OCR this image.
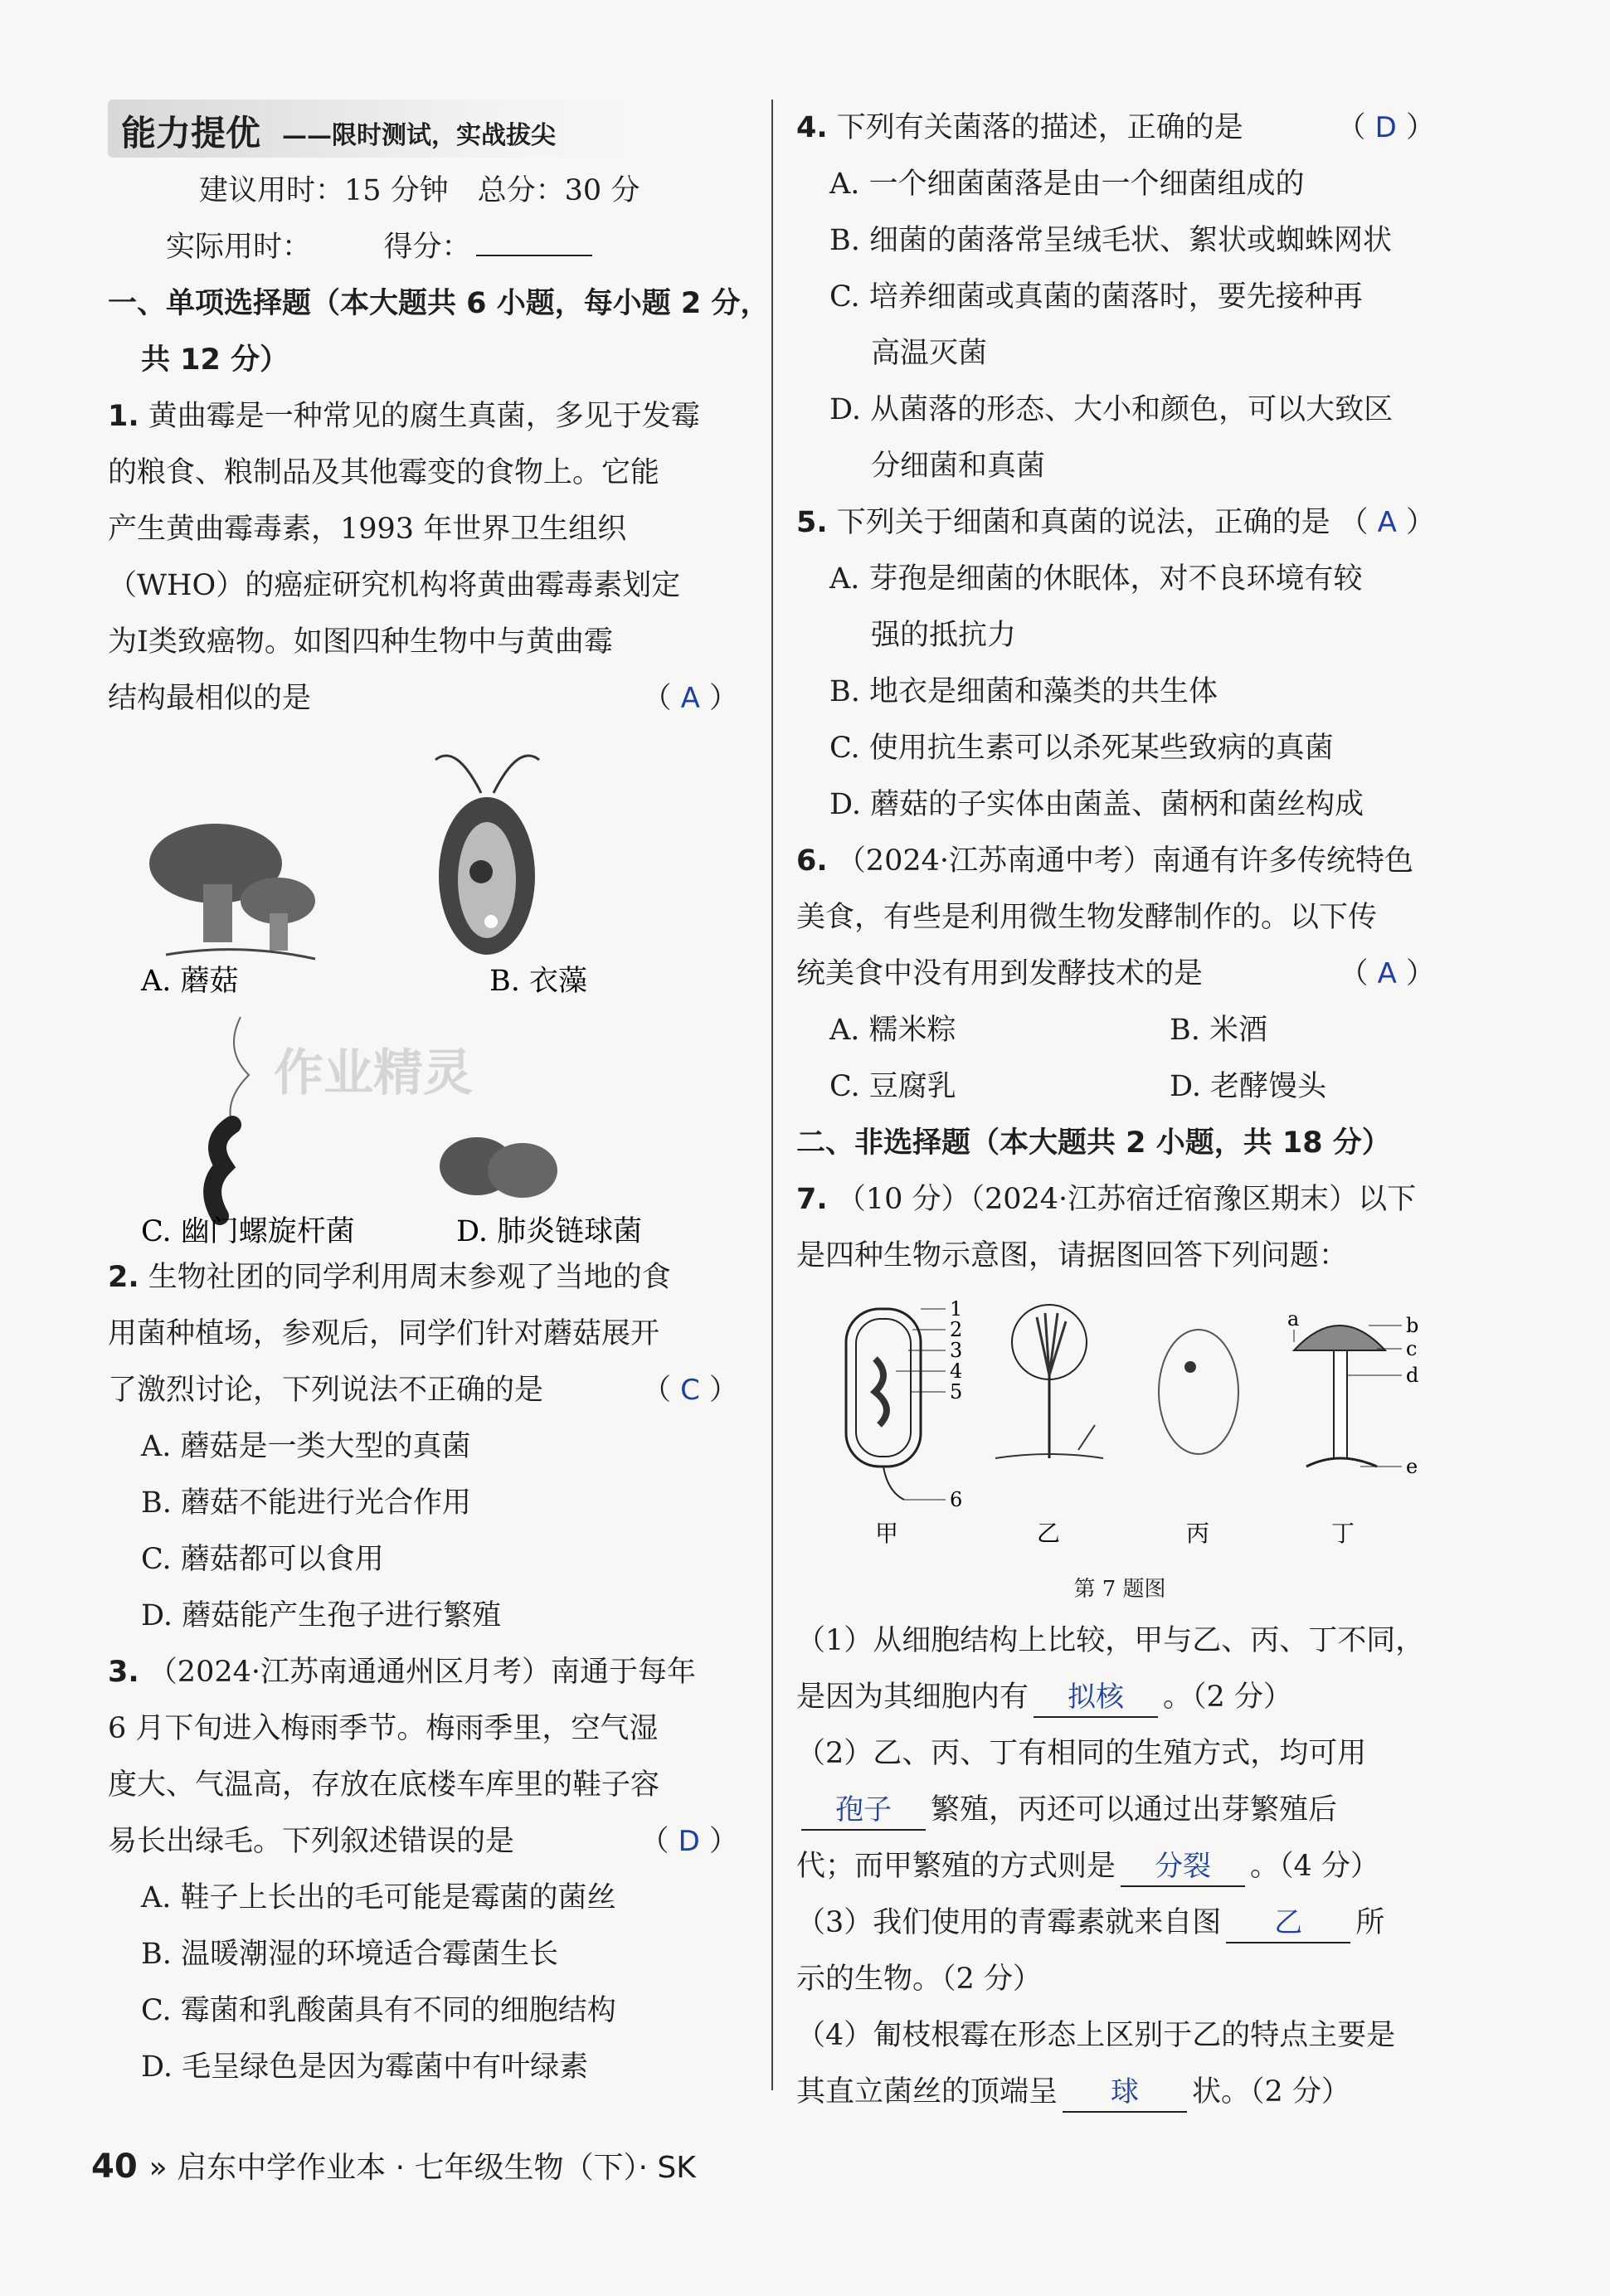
能力提优 ——限时测试，实战拔尖
建议用时：15 分钟　总分：30 分
实际用时：　　　得分：
一、单项选择题（本大题共 6 小题，每小题 2 分，
共 12 分）
1. 黄曲霉是一种常见的腐生真菌，多见于发霉
的粮食、粮制品及其他霉变的食物上。它能
产生黄曲霉毒素，1993 年世界卫生组织
（WHO）的癌症研究机构将黄曲霉毒素划定
为Ⅰ类致癌物。如图四种生物中与黄曲霉
结构最相似的是	（ A ）
A. 蘑菇	B. 衣藻
C. 幽门螺旋杆菌	D. 肺炎链球菌
作业精灵
2. 生物社团的同学利用周末参观了当地的食
用菌种植场，参观后，同学们针对蘑菇展开
了激烈讨论，下列说法不正确的是	（ C ）
A. 蘑菇是一类大型的真菌
B. 蘑菇不能进行光合作用
C. 蘑菇都可以食用
D. 蘑菇能产生孢子进行繁殖
3. （2024·江苏南通通州区月考）南通于每年
6 月下旬进入梅雨季节。梅雨季里，空气湿
度大、气温高，存放在底楼车库里的鞋子容
易长出绿毛。下列叙述错误的是	（ D ）
A. 鞋子上长出的毛可能是霉菌的菌丝
B. 温暖潮湿的环境适合霉菌生长
C. 霉菌和乳酸菌具有不同的细胞结构
D. 毛呈绿色是因为霉菌中有叶绿素
4. 下列有关菌落的描述，正确的是	（ D ）
A. 一个细菌菌落是由一个细菌组成的
B. 细菌的菌落常呈绒毛状、絮状或蜘蛛网状
C. 培养细菌或真菌的菌落时，要先接种再
高温灭菌
D. 从菌落的形态、大小和颜色，可以大致区
分细菌和真菌
5. 下列关于细菌和真菌的说法，正确的是 （ A ）
A. 芽孢是细菌的休眠体，对不良环境有较
强的抵抗力
B. 地衣是细菌和藻类的共生体
C. 使用抗生素可以杀死某些致病的真菌
D. 蘑菇的子实体由菌盖、菌柄和菌丝构成
6. （2024·江苏南通中考）南通有许多传统特色
美食，有些是利用微生物发酵制作的。以下传
统美食中没有用到发酵技术的是	（ A ）
A. 糯米粽	B. 米酒
C. 豆腐乳	D. 老酵馒头
二、非选择题（本大题共 2 小题，共 18 分）
7. （10 分）（2024·江苏宿迁宿豫区期末）以下
是四种生物示意图，请据图回答下列问题：
1
2
3
4
5
6
a	b
c
d
e
甲	乙	丙	丁
第 7 题图
（1）从细胞结构上比较，甲与乙、丙、丁不同，
是因为其细胞内有 拟核 。（2 分）
（2）乙、丙、丁有相同的生殖方式，均可用
孢子 繁殖，丙还可以通过出芽繁殖后
代；而甲繁殖的方式则是 分裂 。（4 分）
（3）我们使用的青霉素就来自图 乙 所
示的生物。（2 分）
（4）匍枝根霉在形态上区别于乙的特点主要是
其直立菌丝的顶端呈 球 状。（2 分）
40 » 启东中学作业本 · 七年级生物（下）· SK
